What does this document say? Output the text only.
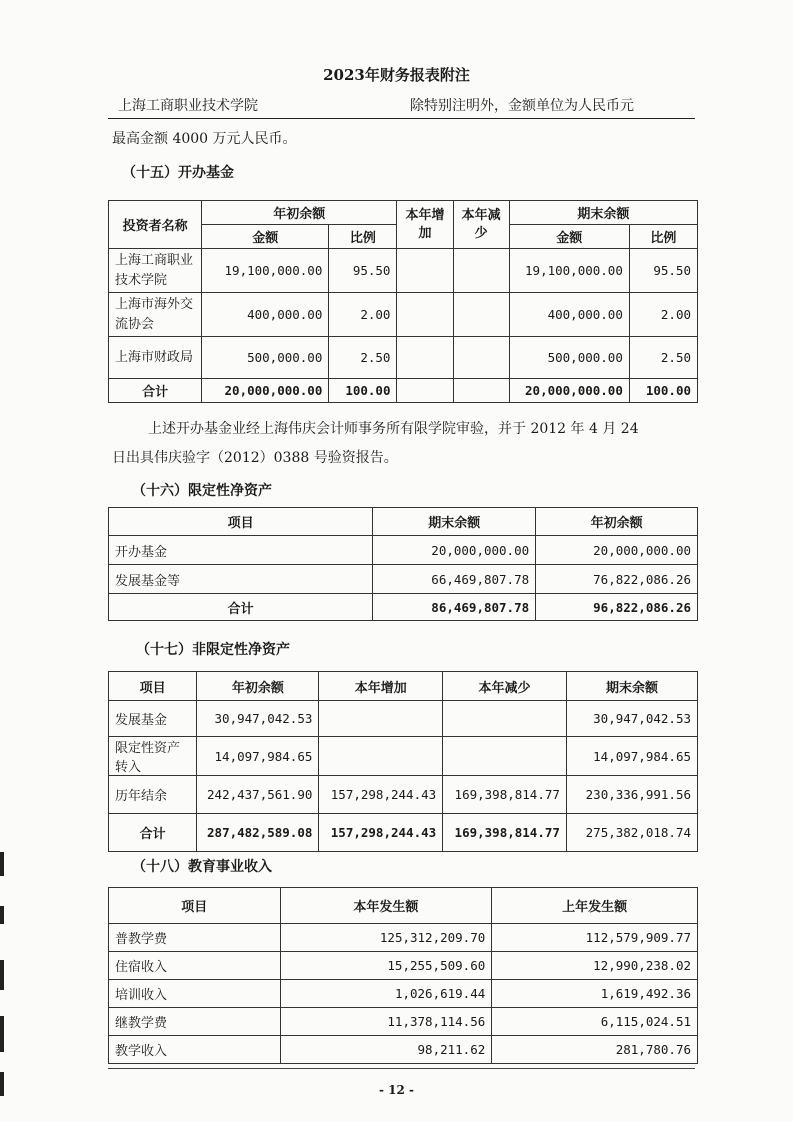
2023年财务报表附注
上海工商职业技术学院	除特别注明外，金额单位为人民币元
最高金额 4000 万元人民币。
（十五）开办基金
投资者名称	年初余额		本年增加	本年减少	期末余额	
	金额	比例			金额	比例
上海工商职业技术学院	19,100,000.00	95.50			19,100,000.00	95.50
上海市海外交流协会	400,000.00	2.00			400,000.00	2.00
上海市财政局	500,000.00	2.50			500,000.00	2.50
合计	20,000,000.00	100.00			20,000,000.00	100.00
上述开办基金业经上海伟庆会计师事务所有限学院审验，并于 2012 年 4 月 24
日出具伟庆验字（2012）0388 号验资报告。
（十六）限定性净资产
项目	期末余额	年初余额
开办基金	20,000,000.00	20,000,000.00
发展基金等	66,469,807.78	76,822,086.26
合计	86,469,807.78	96,822,086.26
（十七）非限定性净资产
项目	年初余额	本年增加	本年减少	期末余额
发展基金	30,947,042.53			30,947,042.53
限定性资产转入	14,097,984.65			14,097,984.65
历年结余	242,437,561.90	157,298,244.43	169,398,814.77	230,336,991.56
合计	287,482,589.08	157,298,244.43	169,398,814.77	275,382,018.74
（十八）教育事业收入
项目	本年发生额	上年发生额
普教学费	125,312,209.70	112,579,909.77
住宿收入	15,255,509.60	12,990,238.02
培训收入	1,026,619.44	1,619,492.36
继教学费	11,378,114.56	6,115,024.51
教学收入	98,211.62	281,780.76
- 12 -
